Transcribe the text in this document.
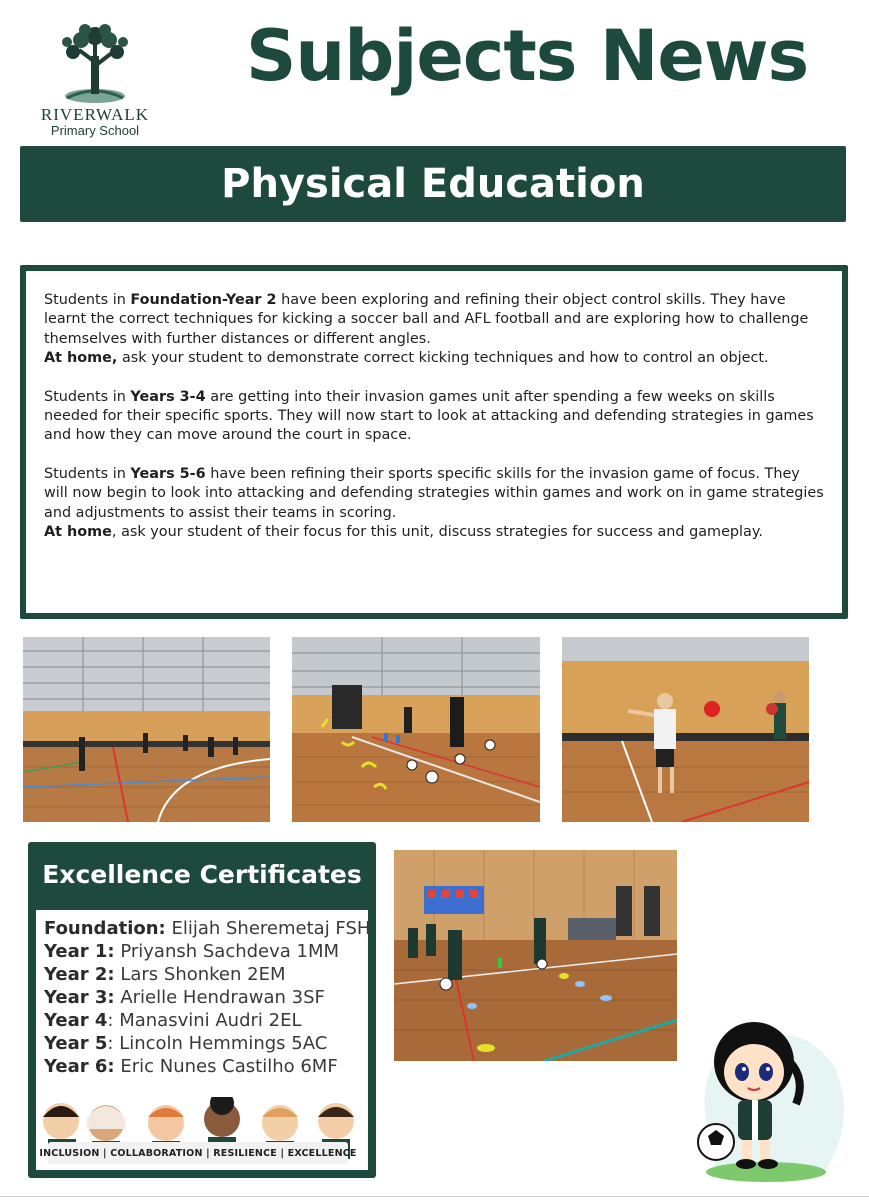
RIVERWALK
Primary School
Subjects News
Physical Education

Students in Foundation-Year 2 have been exploring and refining their object control skills. They have learnt the correct techniques for kicking a soccer ball and AFL football and are exploring how to challenge themselves with further distances or different angles.

At home, ask your student to demonstrate correct kicking techniques and how to control an object.

Students in Years 3-4 are getting into their invasion games unit after spending a few weeks on skills needed for their specific sports. They will now start to look at attacking and defending strategies in games and how they can move around the court in space.

Students in Years 5-6 have been refining their sports specific skills for the invasion game of focus. They will now begin to look into attacking and defending strategies within games and work on in game strategies and adjustments to assist their teams in scoring.

At home, ask your student of their focus for this unit, discuss strategies for success and gameplay.

Excellence Certificates
Foundation: Elijah Sheremetaj FSH
Year 1: Priyansh Sachdeva 1MM
Year 2: Lars Shonken 2EM
Year 3: Arielle Hendrawan 3SF
Year 4: Manasvini Audri 2EL
Year 5: Lincoln Hemmings 5AC
Year 6: Eric Nunes Castilho 6MF
INCLUSION | COLLABORATION | RESILIENCE | EXCELLENCE
